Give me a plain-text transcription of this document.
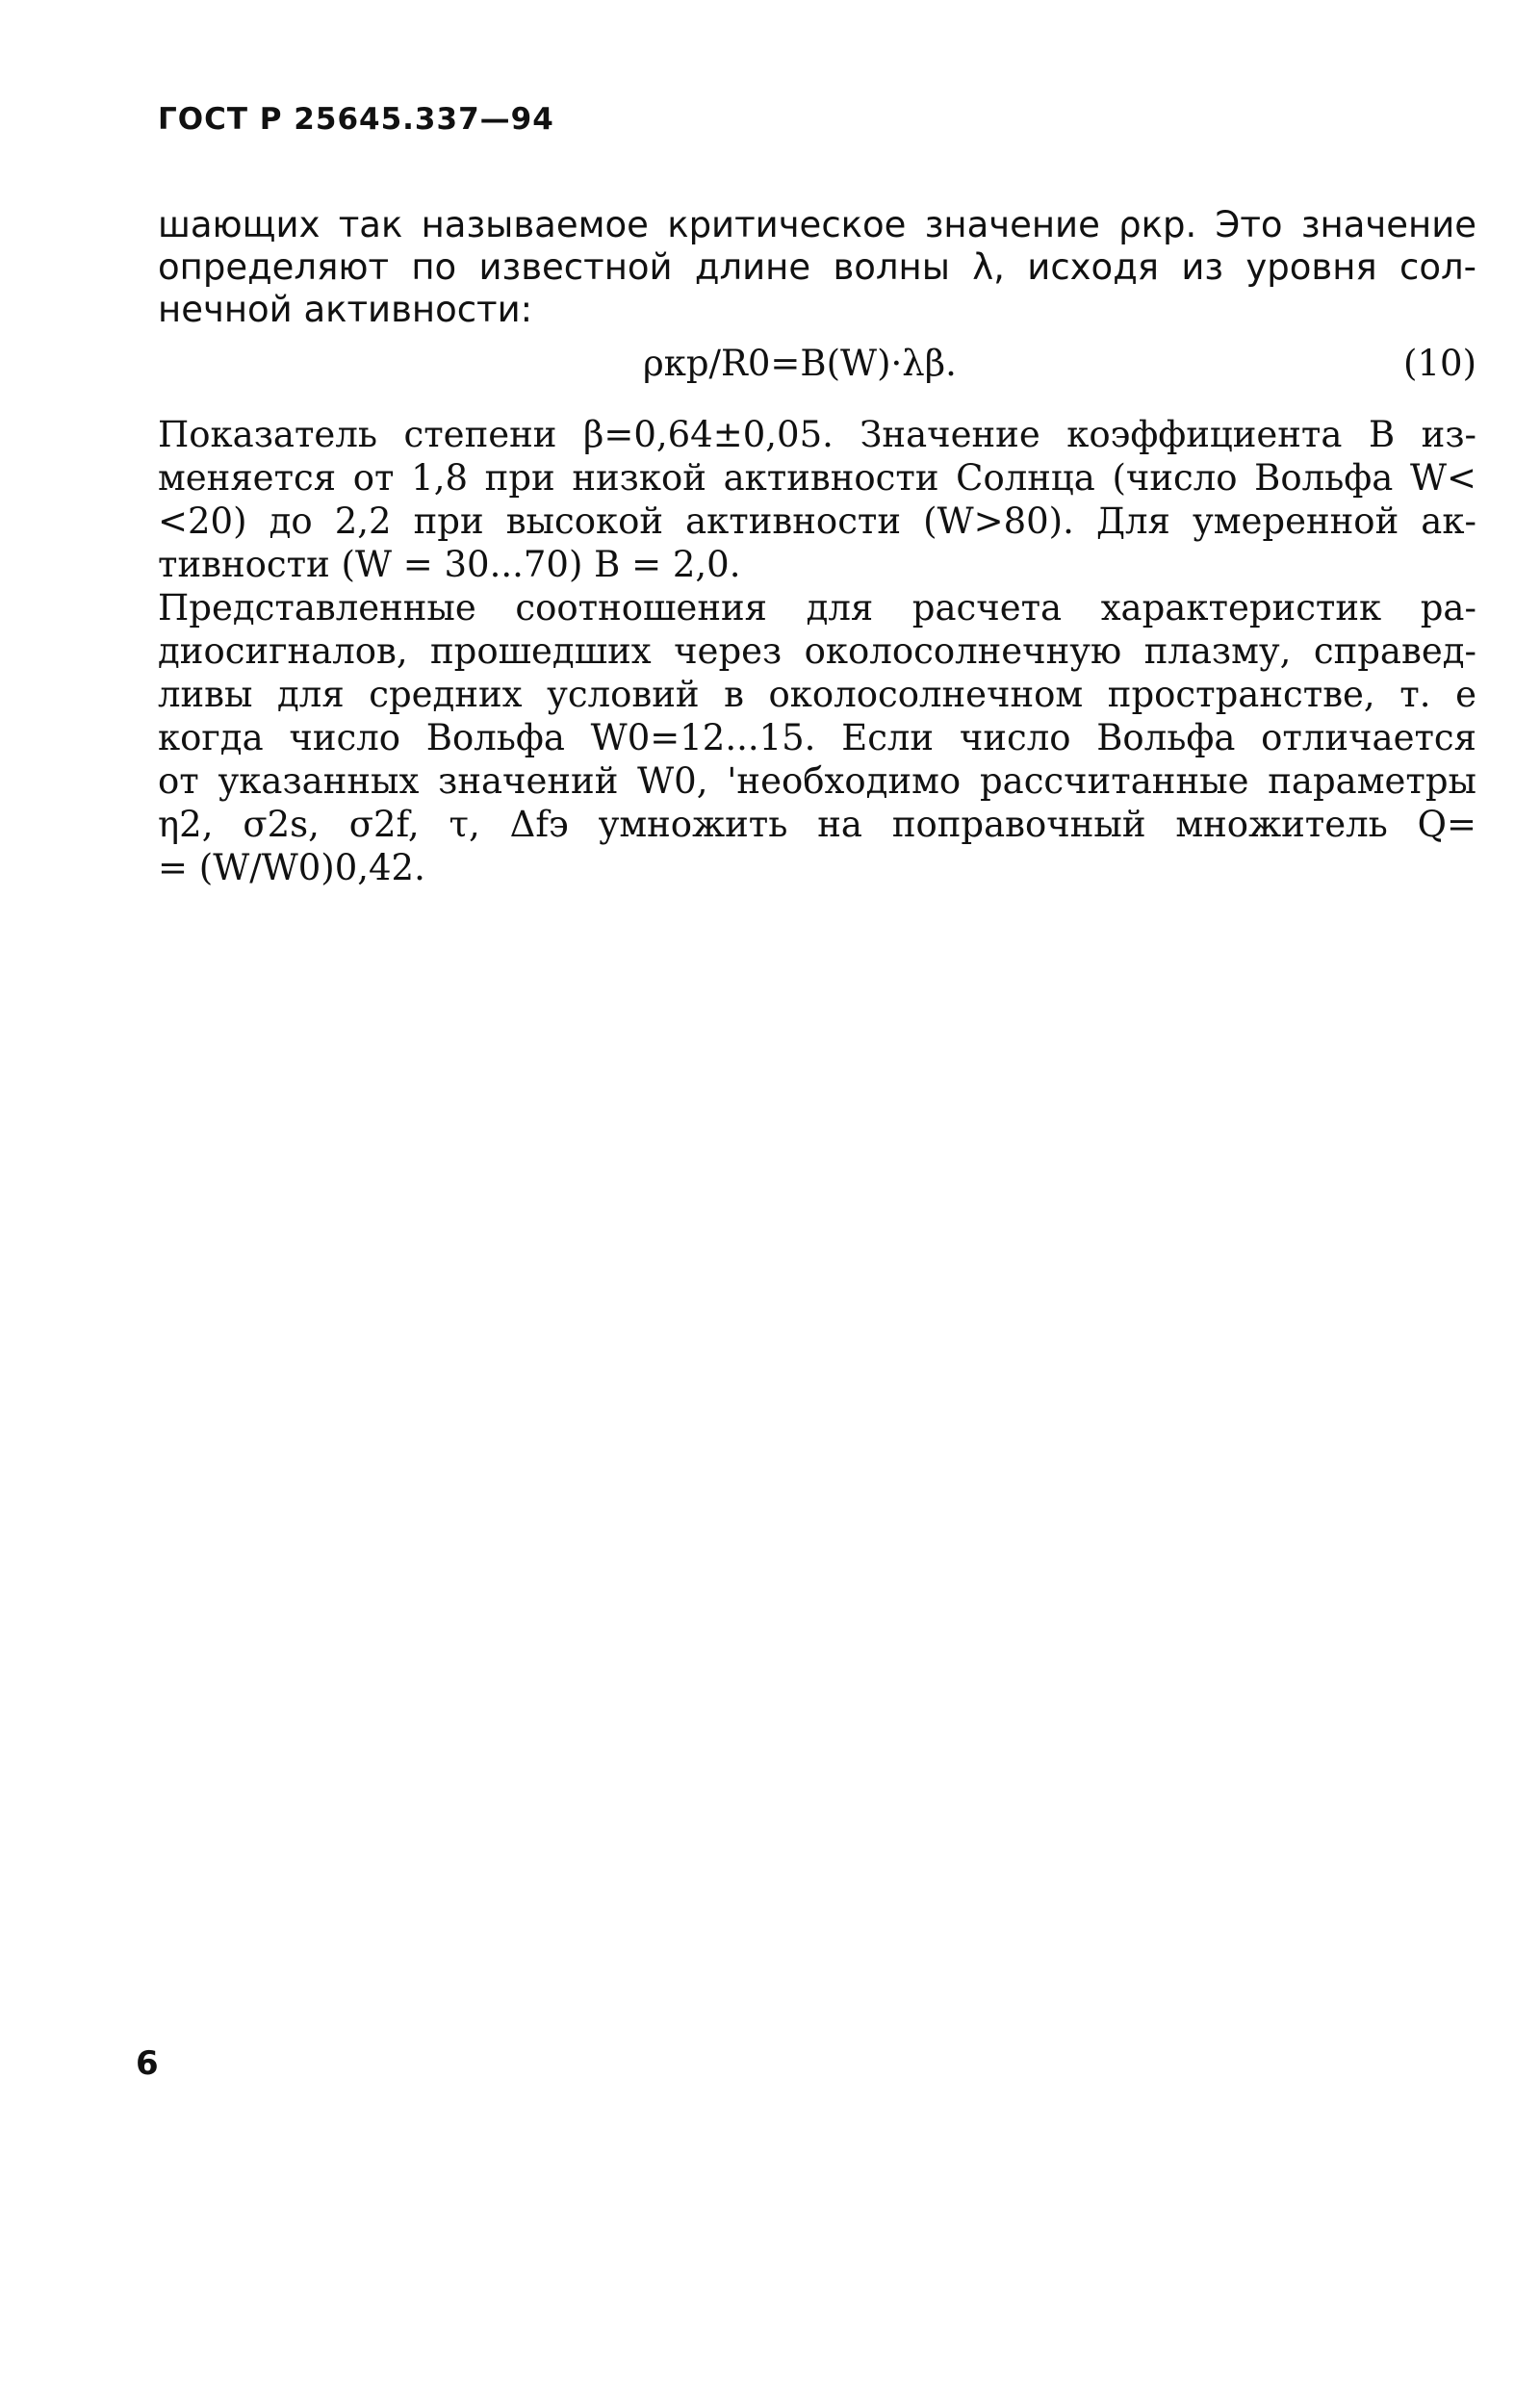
ГОСТ Р 25645.337—94
шающих так называемое критическое значение ρкр. Это значение
определяют по известной длине волны λ, исходя из уровня сол-
нечной активности:
ρкр/R0=B(W)·λβ.	(10)
Показатель степени β=0,64±0,05. Значение коэффициента B из-
меняется от 1,8 при низкой активности Солнца (число Вольфа W<
<20) до 2,2 при высокой активности (W>80). Для умеренной ак-
тивности (W = 30...70) B = 2,0.
Представленные соотношения для расчета характеристик ра-
диосигналов, прошедших через околосолнечную плазму, справед-
ливы для средних условий в околосолнечном пространстве, т. е
когда число Вольфа W0=12...15. Если число Вольфа отличается
от указанных значений W0, 'необходимо рассчитанные параметры
η2, σ2s, σ2f, τ, Δfэ умножить на поправочный множитель Q=
= (W/W0)0,42.
6
